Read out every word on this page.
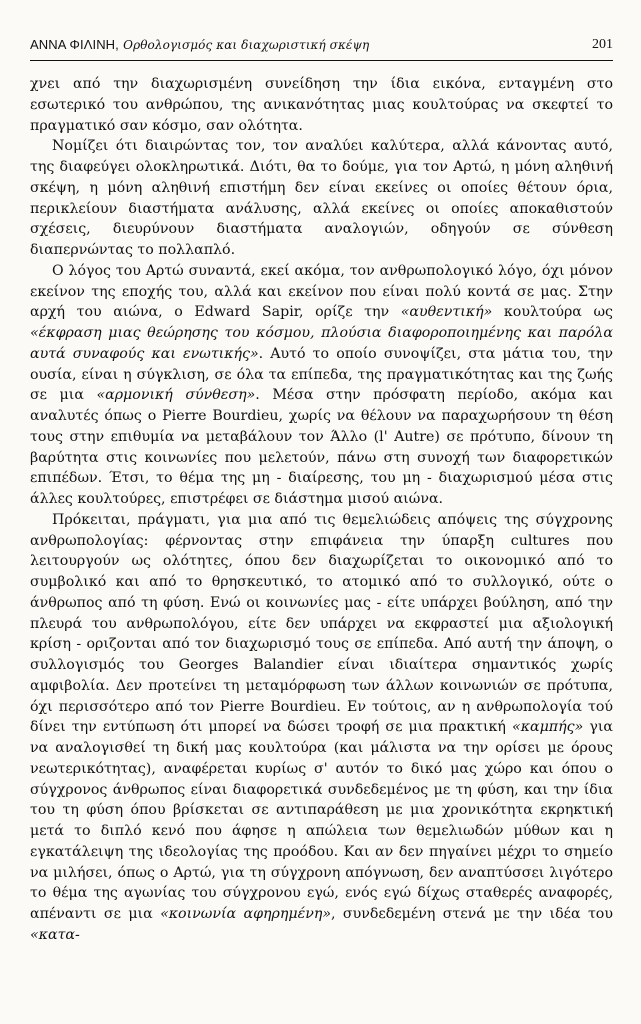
ΑΝΝΑ ΦΙΛΙΝΗ, Ορθολογισμός και διαχωριστική σκέψη	201

χνει από την διαχωρισμένη συνείδηση την ίδια εικόνα, ενταγμένη στο εσωτερικό του ανθρώπου, της ανικανότητας μιας κουλτούρας να σκεφτεί το πραγματικό σαν κόσμο, σαν ολότητα.

Νομίζει ότι διαιρώντας τον, τον αναλύει καλύτερα, αλλά κάνοντας αυτό, της διαφεύγει ολοκληρωτικά. Διότι, θα το δούμε, για τον Αρτώ, η μόνη αληθινή σκέψη, η μόνη αληθινή επιστήμη δεν είναι εκείνες οι οποίες θέτουν όρια, περικλείουν διαστήματα ανάλυσης, αλλά εκείνες οι οποίες αποκαθιστούν σχέσεις, διευρύνουν διαστήματα αναλογιών, οδηγούν σε σύνθεση διαπερνώντας το πολλαπλό.

Ο λόγος του Αρτώ συναντά, εκεί ακόμα, τον ανθρωπολογικό λόγο, όχι μόνον εκείνον της εποχής του, αλλά και εκείνον που είναι πολύ κοντά σε μας. Στην αρχή του αιώνα, ο Edward Sapir, ορίζε την «αυθεντική» κουλτούρα ως «έκφραση μιας θεώρησης του κόσμου, πλούσια διαφοροποιημένης και παρόλα αυτά συναφούς και ενωτικής». Αυτό το οποίο συνοψίζει, στα μάτια του, την ουσία, είναι η σύγκλιση, σε όλα τα επίπεδα, της πραγματικότητας και της ζωής σε μια «αρμονική σύνθεση». Μέσα στην πρόσφατη περίοδο, ακόμα και αναλυτές όπως ο Pierre Bourdieu, χωρίς να θέλουν να παραχωρήσουν τη θέση τους στην επιθυμία να μεταβάλουν τον Άλλο (l' Autre) σε πρότυπο, δίνουν τη βαρύτητα στις κοινωνίες που μελετούν, πάνω στη συνοχή των διαφορετικών επιπέδων. Έτσι, το θέμα της μη - διαίρεσης, του μη - διαχωρισμού μέσα στις άλλες κουλτούρες, επιστρέφει σε διάστημα μισού αιώνα.

Πρόκειται, πράγματι, για μια από τις θεμελιώδεις απόψεις της σύγχρονης ανθρωπολογίας: φέρνοντας στην επιφάνεια την ύπαρξη cultures που λειτουργούν ως ολότητες, όπου δεν διαχωρίζεται το οικονομικό από το συμβολικό και από το θρησκευτικό, το ατομικό από το συλλογικό, ούτε ο άνθρωπος από τη φύση. Ενώ οι κοινωνίες μας - είτε υπάρχει βούληση, από την πλευρά του ανθρωπολόγου, είτε δεν υπάρχει να εκφραστεί μια αξιολογική κρίση - οριζονται από τον διαχωρισμό τους σε επίπεδα. Από αυτή την άποψη, ο συλλογισμός του Georges Balandier είναι ιδιαίτερα σημαντικός χωρίς αμφιβολία. Δεν προτείνει τη μεταμόρφωση των άλλων κοινωνιών σε πρότυπα, όχι περισσότερο από τον Pierre Bourdieu. Εν τούτοις, αν η ανθρωπολογία τού δίνει την εντύπωση ότι μπορεί να δώσει τροφή σε μια πρακτική «καμπής» για να αναλογισθεί τη δική μας κουλτούρα (και μάλιστα να την ορίσει με όρους νεωτερικότητας), αναφέρεται κυρίως σ' αυτόν το δικό μας χώρο και όπου ο σύγχρονος άνθρωπος είναι διαφορετικά συνδεδεμένος με τη φύση, και την ίδια του τη φύση όπου βρίσκεται σε αντιπαράθεση με μια χρονικότητα εκρηκτική μετά το διπλό κενό που άφησε η απώλεια των θεμελιωδών μύθων και η εγκατάλειψη της ιδεολογίας της προόδου. Και αν δεν πηγαίνει μέχρι το σημείο να μιλήσει, όπως ο Αρτώ, για τη σύγχρονη απόγνωση, δεν αναπτύσσει λιγότερο το θέμα της αγωνίας του σύγχρονου εγώ, ενός εγώ δίχως σταθερές αναφορές, απέναντι σε μια «κοινωνία αφηρημένη», συνδεδεμένη στενά με την ιδέα του «κατα-
